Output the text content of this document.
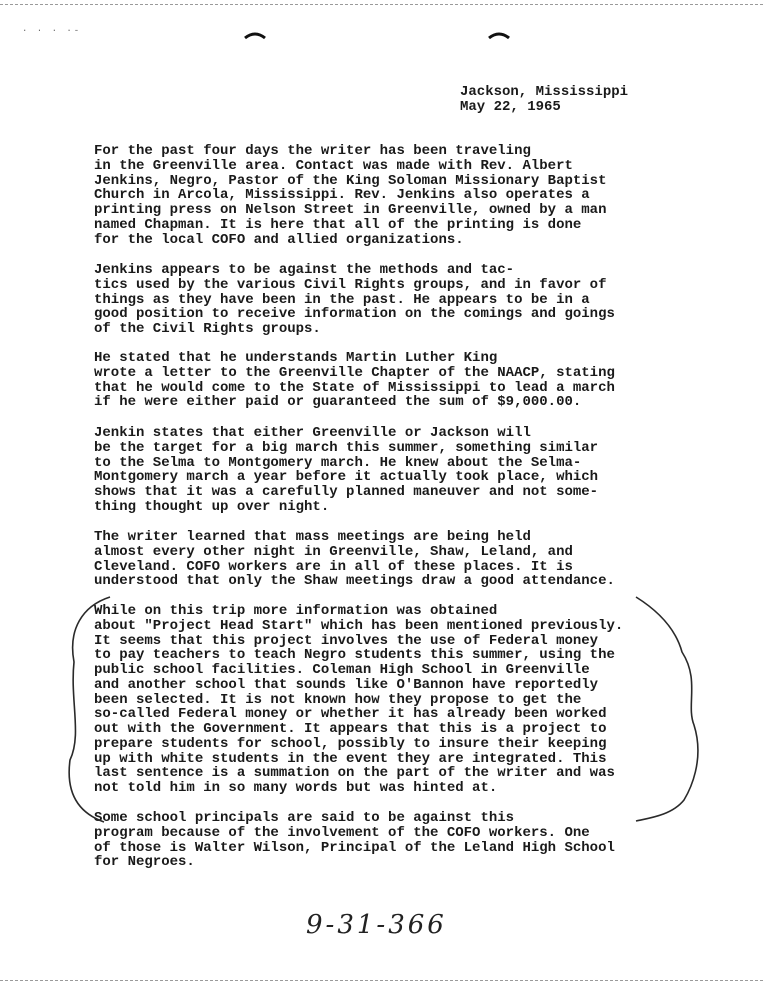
· · · ·-
Jackson, Mississippi
May 22, 1965

For the past four days the writer has been traveling
in the Greenville area. Contact was made with Rev. Albert
Jenkins, Negro, Pastor of the King Soloman Missionary Baptist
Church in Arcola, Mississippi. Rev. Jenkins also operates a
printing press on Nelson Street in Greenville, owned by a man
named Chapman. It is here that all of the printing is done
for the local COFO and allied organizations.

Jenkins appears to be against the methods and tac-
tics used by the various Civil Rights groups, and in favor of
things as they have been in the past. He appears to be in a
good position to receive information on the comings and goings
of the Civil Rights groups.

He stated that he understands Martin Luther King
wrote a letter to the Greenville Chapter of the NAACP, stating
that he would come to the State of Mississippi to lead a march
if he were either paid or guaranteed the sum of $9,000.00.

Jenkin states that either Greenville or Jackson will
be the target for a big march this summer, something similar
to the Selma to Montgomery march. He knew about the Selma-
Montgomery march a year before it actually took place, which
shows that it was a carefully planned maneuver and not some-
thing thought up over night.

The writer learned that mass meetings are being held
almost every other night in Greenville, Shaw, Leland, and
Cleveland. COFO workers are in all of these places. It is
understood that only the Shaw meetings draw a good attendance.

While on this trip more information was obtained
about "Project Head Start" which has been mentioned previously.
It seems that this project involves the use of Federal money
to pay teachers to teach Negro students this summer, using the
public school facilities. Coleman High School in Greenville
and another school that sounds like O'Bannon have reportedly
been selected. It is not known how they propose to get the
so-called Federal money or whether it has already been worked
out with the Government. It appears that this is a project to
prepare students for school, possibly to insure their keeping
up with white students in the event they are integrated. This
last sentence is a summation on the part of the writer and was
not told him in so many words but was hinted at.

Some school principals are said to be against this
program because of the involvement of the COFO workers. One
of those is Walter Wilson, Principal of the Leland High School
for Negroes.

9-31-366
